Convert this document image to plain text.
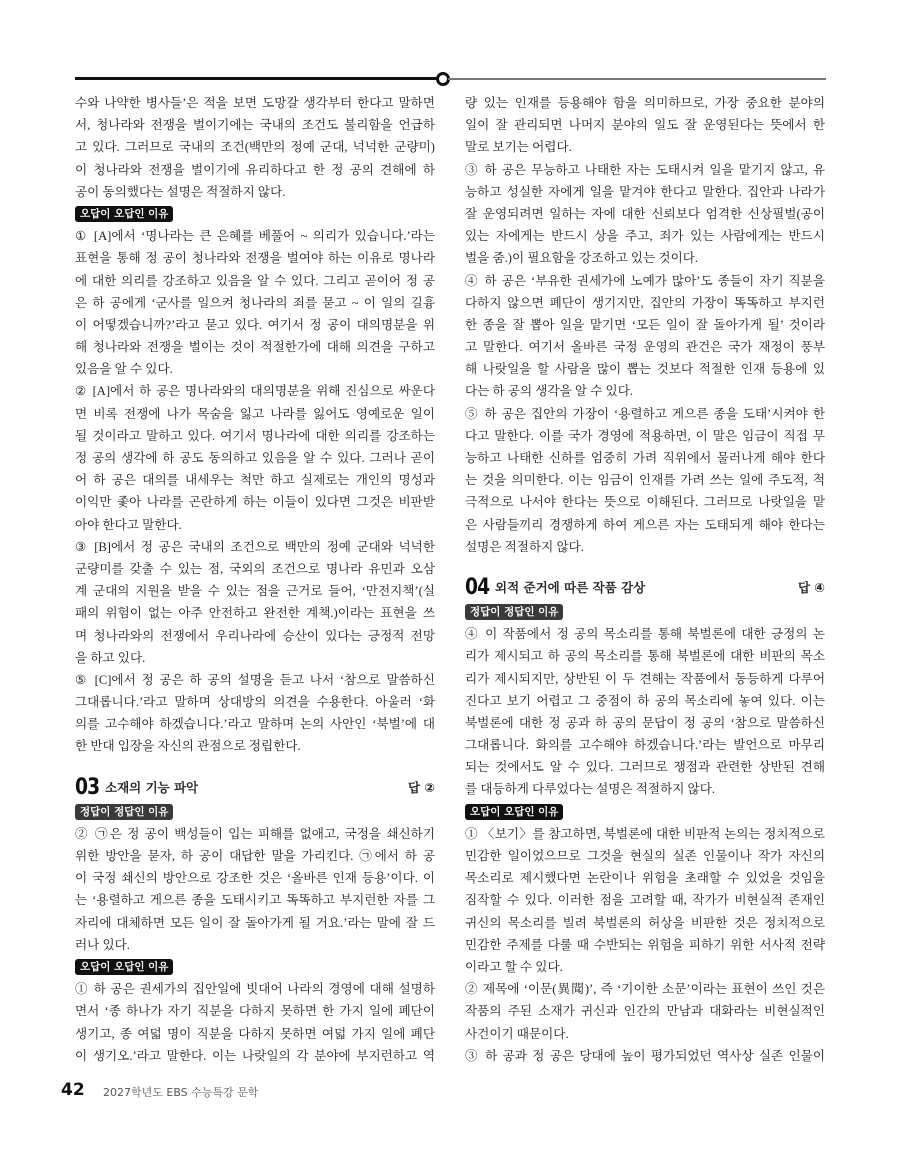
수와 나약한 병사들’은 적을 보면 도망갈 생각부터 한다고 말하면
서, 청나라와 전쟁을 벌이기에는 국내의 조건도 불리함을 언급하
고 있다. 그러므로 국내의 조건(백만의 정예 군대, 넉넉한 군량미)
이 청나라와 전쟁을 벌이기에 유리하다고 한 정 공의 견해에 하
공이 동의했다는 설명은 적절하지 않다.
오답이 오답인 이유
① [A]에서 ‘명나라는 큰 은혜를 베풀어 ~ 의리가 있습니다.’라는
표현을 통해 정 공이 청나라와 전쟁을 벌여야 하는 이유로 명나라
에 대한 의리를 강조하고 있음을 알 수 있다. 그리고 곧이어 정 공
은 하 공에게 ‘군사를 일으켜 청나라의 죄를 묻고 ~ 이 일의 길흉
이 어떻겠습니까?’라고 묻고 있다. 여기서 정 공이 대의명분을 위
해 청나라와 전쟁을 벌이는 것이 적절한가에 대해 의견을 구하고
있음을 알 수 있다.
② [A]에서 하 공은 명나라와의 대의명분을 위해 진심으로 싸운다
면 비록 전쟁에 나가 목숨을 잃고 나라를 잃어도 영예로운 일이
될 것이라고 말하고 있다. 여기서 명나라에 대한 의리를 강조하는
정 공의 생각에 하 공도 동의하고 있음을 알 수 있다. 그러나 곧이
어 하 공은 대의를 내세우는 척만 하고 실제로는 개인의 명성과
이익만 좇아 나라를 곤란하게 하는 이들이 있다면 그것은 비판받
아야 한다고 말한다.
③ [B]에서 정 공은 국내의 조건으로 백만의 정예 군대와 넉넉한
군량미를 갖출 수 있는 점, 국외의 조건으로 명나라 유민과 오삼
계 군대의 지원을 받을 수 있는 점을 근거로 들어, ‘만전지책’(실
패의 위험이 없는 아주 안전하고 완전한 계책.)이라는 표현을 쓰
며 청나라와의 전쟁에서 우리나라에 승산이 있다는 긍정적 전망
을 하고 있다.
⑤ [C]에서 정 공은 하 공의 설명을 듣고 나서 ‘참으로 말씀하신
그대롭니다.’라고 말하며 상대방의 의견을 수용한다. 아울러 ‘화
의를 고수해야 하겠습니다.’라고 말하며 논의 사안인 ‘북벌’에 대
한 반대 입장을 자신의 관점으로 정립한다.
03 소재의 기능 파악	답 ②
정답이 정답인 이유
② ㉠은 정 공이 백성들이 입는 피해를 없애고, 국정을 쇄신하기
위한 방안을 묻자, 하 공이 대답한 말을 가리킨다. ㉠에서 하 공
이 국정 쇄신의 방안으로 강조한 것은 ‘올바른 인재 등용’이다. 이
는 ‘용렬하고 게으른 종을 도태시키고 똑똑하고 부지런한 자를 그
자리에 대체하면 모든 일이 잘 돌아가게 될 거요.’라는 말에 잘 드
러나 있다.
오답이 오답인 이유
① 하 공은 권세가의 집안일에 빗대어 나라의 경영에 대해 설명하
면서 ‘종 하나가 자기 직분을 다하지 못하면 한 가지 일에 폐단이
생기고, 종 여덟 명이 직분을 다하지 못하면 여덟 가지 일에 폐단
이 생기오.’라고 말한다. 이는 나랏일의 각 분야에 부지런하고 역
량 있는 인재를 등용해야 함을 의미하므로, 가장 중요한 분야의
일이 잘 관리되면 나머지 분야의 일도 잘 운영된다는 뜻에서 한
말로 보기는 어렵다.
③ 하 공은 무능하고 나태한 자는 도태시켜 일을 맡기지 않고, 유
능하고 성실한 자에게 일을 맡겨야 한다고 말한다. 집안과 나라가
잘 운영되려면 일하는 자에 대한 신뢰보다 엄격한 신상필벌(공이
있는 자에게는 반드시 상을 주고, 죄가 있는 사람에게는 반드시
벌을 줌.)이 필요함을 강조하고 있는 것이다.
④ 하 공은 ‘부유한 권세가에 노예가 많아’도 종들이 자기 직분을
다하지 않으면 폐단이 생기지만, 집안의 가장이 똑똑하고 부지런
한 종을 잘 뽑아 일을 맡기면 ‘모든 일이 잘 돌아가게 될’ 것이라
고 말한다. 여기서 올바른 국정 운영의 관건은 국가 재정이 풍부
해 나랏일을 할 사람을 많이 뽑는 것보다 적절한 인재 등용에 있
다는 하 공의 생각을 알 수 있다.
⑤ 하 공은 집안의 가장이 ‘용렬하고 게으른 종을 도태’시켜야 한
다고 말한다. 이를 국가 경영에 적용하면, 이 말은 임금이 직접 무
능하고 나태한 신하를 엄중히 가려 직위에서 물러나게 해야 한다
는 것을 의미한다. 이는 임금이 인재를 가려 쓰는 일에 주도적, 적
극적으로 나서야 한다는 뜻으로 이해된다. 그러므로 나랏일을 맡
은 사람들끼리 경쟁하게 하여 게으른 자는 도태되게 해야 한다는
설명은 적절하지 않다.
04 외적 준거에 따른 작품 감상	답 ④
정답이 정답인 이유
④ 이 작품에서 정 공의 목소리를 통해 북벌론에 대한 긍정의 논
리가 제시되고 하 공의 목소리를 통해 북벌론에 대한 비판의 목소
리가 제시되지만, 상반된 이 두 견해는 작품에서 동등하게 다루어
진다고 보기 어렵고 그 중점이 하 공의 목소리에 놓여 있다. 이는
북벌론에 대한 정 공과 하 공의 문답이 정 공의 ‘참으로 말씀하신
그대롭니다. 화의를 고수해야 하겠습니다.’라는 발언으로 마무리
되는 것에서도 알 수 있다. 그러므로 쟁점과 관련한 상반된 견해
를 대등하게 다루었다는 설명은 적절하지 않다.
오답이 오답인 이유
① 〈보기〉를 참고하면, 북벌론에 대한 비판적 논의는 정치적으로
민감한 일이었으므로 그것을 현실의 실존 인물이나 작가 자신의
목소리로 제시했다면 논란이나 위험을 초래할 수 있었을 것임을
짐작할 수 있다. 이러한 점을 고려할 때, 작가가 비현실적 존재인
귀신의 목소리를 빌려 북벌론의 허상을 비판한 것은 정치적으로
민감한 주제를 다룰 때 수반되는 위험을 피하기 위한 서사적 전략
이라고 할 수 있다.
② 제목에 ‘이문(異聞)’, 즉 ‘기이한 소문’이라는 표현이 쓰인 것은
작품의 주된 소재가 귀신과 인간의 만남과 대화라는 비현실적인
사건이기 때문이다.
③ 하 공과 정 공은 당대에 높이 평가되었던 역사상 실존 인물이
42 2027학년도 EBS 수능특강 문학
